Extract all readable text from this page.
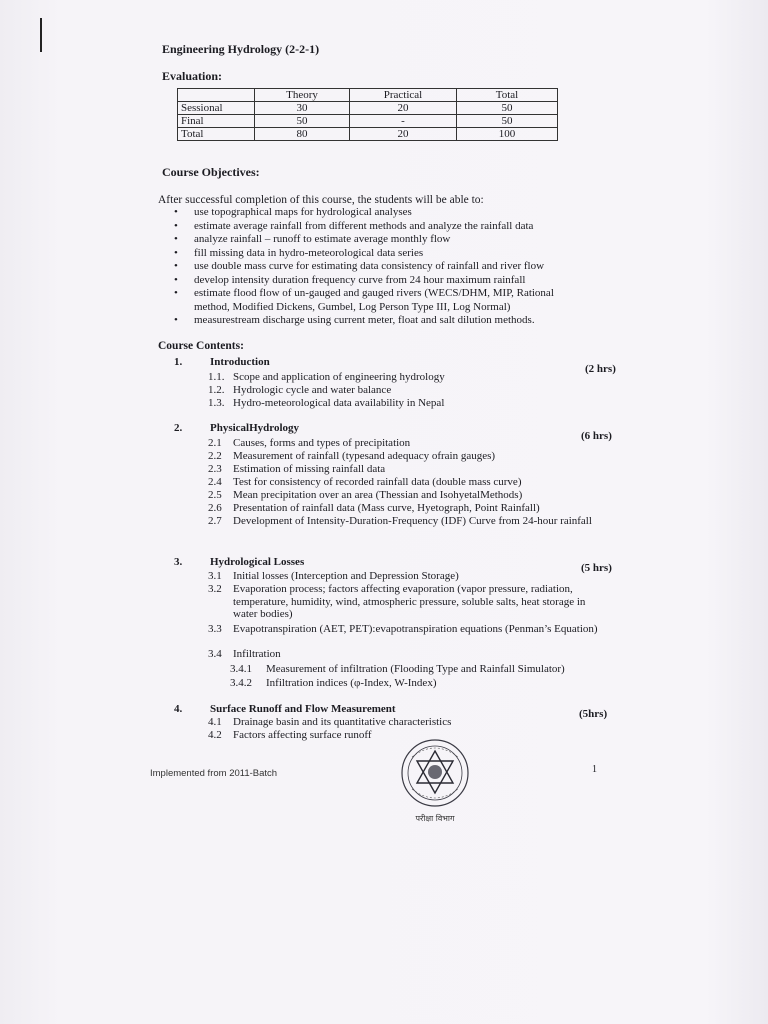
Engineering Hydrology (2-2-1)
Evaluation:
	Theory	Practical	Total
Sessional	30	20	50
Final	50	-	50
Total	80	20	100
Course Objectives:
After successful completion of this course, the students will be able to:
• use topographical maps for hydrological analyses
• estimate average rainfall from different methods and analyze the rainfall data
• analyze rainfall – runoff to estimate average monthly flow
• fill missing data in hydro-meteorological data series
• use double mass curve for estimating data consistency of rainfall and river flow
• develop intensity duration frequency curve from 24 hour maximum rainfall
• estimate flood flow of un-gauged and gauged rivers (WECS/DHM, MIP, Rational method, Modified Dickens, Gumbel, Log Person Type III, Log Normal)
• measurestream discharge using current meter, float and salt dilution methods.
Course Contents:
1.	Introduction
(2 hrs)
1.1. Scope and application of engineering hydrology
1.2. Hydrologic cycle and water balance
1.3. Hydro-meteorological data availability in Nepal
2.	PhysicalHydrology
(6 hrs)
2.1 Causes, forms and types of precipitation
2.2 Measurement of rainfall (typesand adequacy ofrain gauges)
2.3 Estimation of missing rainfall data
2.4 Test for consistency of recorded rainfall data (double mass curve)
2.5 Mean precipitation over an area (Thessian and IsohyetalMethods)
2.6 Presentation of rainfall data (Mass curve, Hyetograph, Point Rainfall)
2.7 Development of Intensity-Duration-Frequency (IDF) Curve from 24-hour rainfall
3.	Hydrological Losses	(5 hrs)
3.1 Initial losses (Interception and Depression Storage)
3.2 Evaporation process; factors affecting evaporation (vapor pressure, radiation, temperature, humidity, wind, atmospheric pressure, soluble salts, heat storage in water bodies)
3.3 Evapotranspiration (AET, PET):evapotranspiration equations (Penman’s Equation)
3.4 Infiltration
3.4.1 Measurement of infiltration (Flooding Type and Rainfall Simulator)
3.4.2 Infiltration indices (φ-Index, W-Index)
4.	Surface Runoff and Flow Measurement	(5hrs)
4.1 Drainage basin and its quantitative characteristics
4.2 Factors affecting surface runoff
Implemented from 2011-Batch	1
परीक्षा विभाग
